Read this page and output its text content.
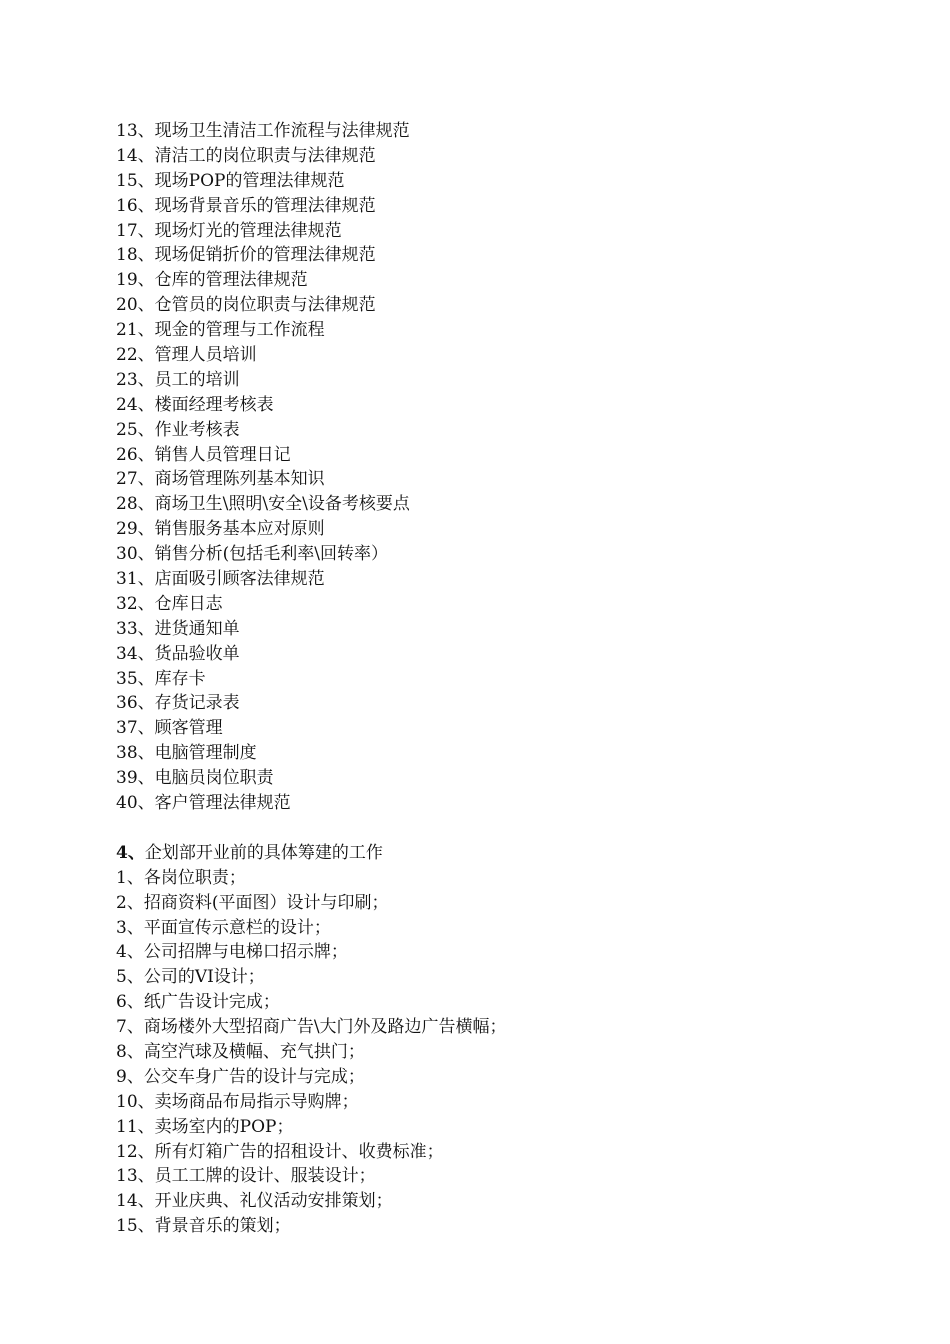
13、现场卫生清洁工作流程与法律规范
14、清洁工的岗位职责与法律规范
15、现场POP的管理法律规范
16、现场背景音乐的管理法律规范
17、现场灯光的管理法律规范
18、现场促销折价的管理法律规范
19、仓库的管理法律规范
20、仓管员的岗位职责与法律规范
21、现金的管理与工作流程
22、管理人员培训
23、员工的培训
24、楼面经理考核表
25、作业考核表
26、销售人员管理日记
27、商场管理陈列基本知识
28、商场卫生\照明\安全\设备考核要点
29、销售服务基本应对原则
30、销售分析(包括毛利率\回转率）
31、店面吸引顾客法律规范
32、仓库日志
33、进货通知单
34、货品验收单
35、库存卡
36、存货记录表
37、顾客管理
38、电脑管理制度
39、电脑员岗位职责
40、客户管理法律规范
4、企划部开业前的具体筹建的工作
1、各岗位职责；
2、招商资料(平面图）设计与印刷；
3、平面宣传示意栏的设计；
4、公司招牌与电梯口招示牌；
5、公司的VI设计；
6、纸广告设计完成；
7、商场楼外大型招商广告\大门外及路边广告横幅；
8、高空汽球及横幅、充气拱门；
9、公交车身广告的设计与完成；
10、卖场商品布局指示导购牌；
11、卖场室内的POP；
12、所有灯箱广告的招租设计、收费标准；
13、员工工牌的设计、服装设计；
14、开业庆典、礼仪活动安排策划；
15、背景音乐的策划；
